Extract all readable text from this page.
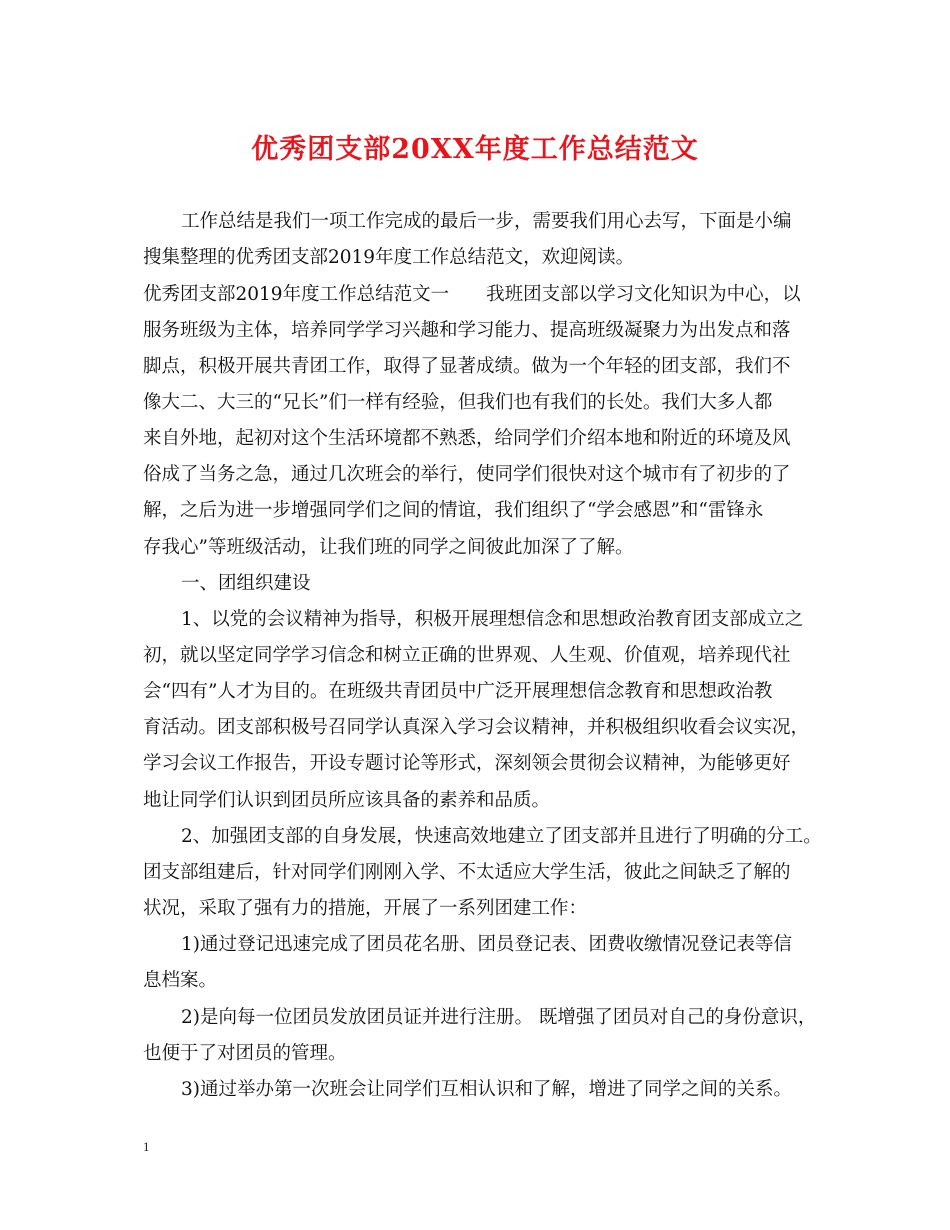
优秀团支部20XX年度工作总结范文
工作总结是我们一项工作完成的最后一步，需要我们用心去写，下面是小编
搜集整理的优秀团支部2019年度工作总结范文，欢迎阅读。
优秀团支部2019年度工作总结范文一　　我班团支部以学习文化知识为中心，以
服务班级为主体，培养同学学习兴趣和学习能力、提高班级凝聚力为出发点和落
脚点，积极开展共青团工作，取得了显著成绩。做为一个年轻的团支部，我们不
像大二、大三的“兄长”们一样有经验，但我们也有我们的长处。我们大多人都
来自外地，起初对这个生活环境都不熟悉，给同学们介绍本地和附近的环境及风
俗成了当务之急，通过几次班会的举行，使同学们很快对这个城市有了初步的了
解，之后为进一步增强同学们之间的情谊，我们组织了“学会感恩”和“雷锋永
存我心”等班级活动，让我们班的同学之间彼此加深了了解。
一、团组织建设
1、以党的会议精神为指导，积极开展理想信念和思想政治教育团支部成立之
初，就以坚定同学学习信念和树立正确的世界观、人生观、价值观，培养现代社
会“四有”人才为目的。在班级共青团员中广泛开展理想信念教育和思想政治教
育活动。团支部积极号召同学认真深入学习会议精神，并积极组织收看会议实况，
学习会议工作报告，开设专题讨论等形式，深刻领会贯彻会议精神，为能够更好
地让同学们认识到团员所应该具备的素养和品质。
2、加强团支部的自身发展，快速高效地建立了团支部并且进行了明确的分工。
团支部组建后，针对同学们刚刚入学、不太适应大学生活，彼此之间缺乏了解的
状况，采取了强有力的措施，开展了一系列团建工作：
1)通过登记迅速完成了团员花名册、团员登记表、团费收缴情况登记表等信
息档案。
2)是向每一位团员发放团员证并进行注册。 既增强了团员对自己的身份意识，
也便于了对团员的管理。
3)通过举办第一次班会让同学们互相认识和了解，增进了同学之间的关系。
1
